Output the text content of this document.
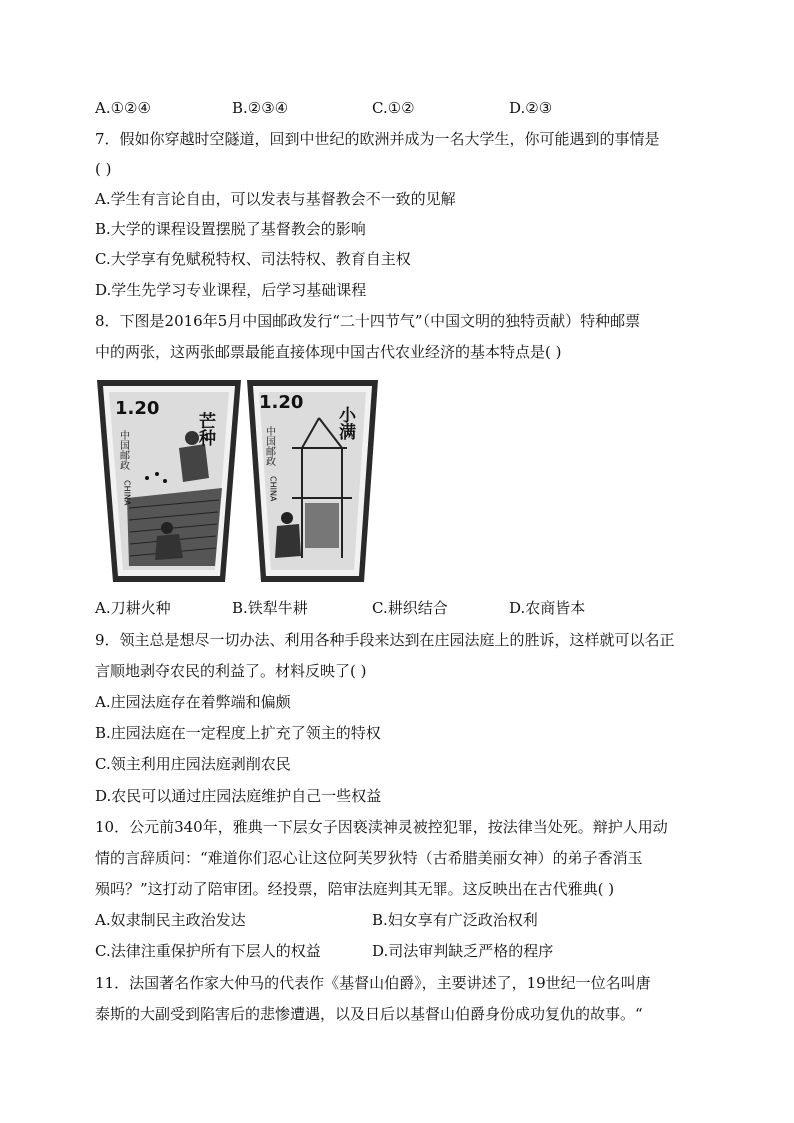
A.①②④	B.②③④	C.①②	D.②③
7．假如你穿越时空隧道，回到中世纪的欧洲并成为一名大学生，你可能遇到的事情是
( )
A.学生有言论自由，可以发表与基督教会不一致的见解
B.大学的课程设置摆脱了基督教会的影响
C.大学享有免赋税特权、司法特权、教育自主权
D.学生先学习专业课程，后学习基础课程
8．下图是2016年5月中国邮政发行“二十四节气”（中国文明的独特贡献）特种邮票
中的两张，这两张邮票最能直接体现中国古代农业经济的基本特点是( )
1.20
芒种
中国邮政
CHINA
1.20
小满
中国邮政
CHINA
A.刀耕火种	B.铁犁牛耕	C.耕织结合	D.农商皆本
9．领主总是想尽一切办法、利用各种手段来达到在庄园法庭上的胜诉，这样就可以名正
言顺地剥夺农民的利益了。材料反映了( )
A.庄园法庭存在着弊端和偏颇
B.庄园法庭在一定程度上扩充了领主的特权
C.领主利用庄园法庭剥削农民
D.农民可以通过庄园法庭维护自己一些权益
10．公元前340年，雅典一下层女子因亵渎神灵被控犯罪，按法律当处死。辩护人用动
情的言辞质问：“难道你们忍心让这位阿芙罗狄特（古希腊美丽女神）的弟子香消玉
殒吗？”这打动了陪审团。经投票，陪审法庭判其无罪。这反映出在古代雅典( )
A.奴隶制民主政治发达	B.妇女享有广泛政治权利
C.法律注重保护所有下层人的权益	D.司法审判缺乏严格的程序
11．法国著名作家大仲马的代表作《基督山伯爵》，主要讲述了，19世纪一位名叫唐
泰斯的大副受到陷害后的悲惨遭遇，以及日后以基督山伯爵身份成功复仇的故事。“
